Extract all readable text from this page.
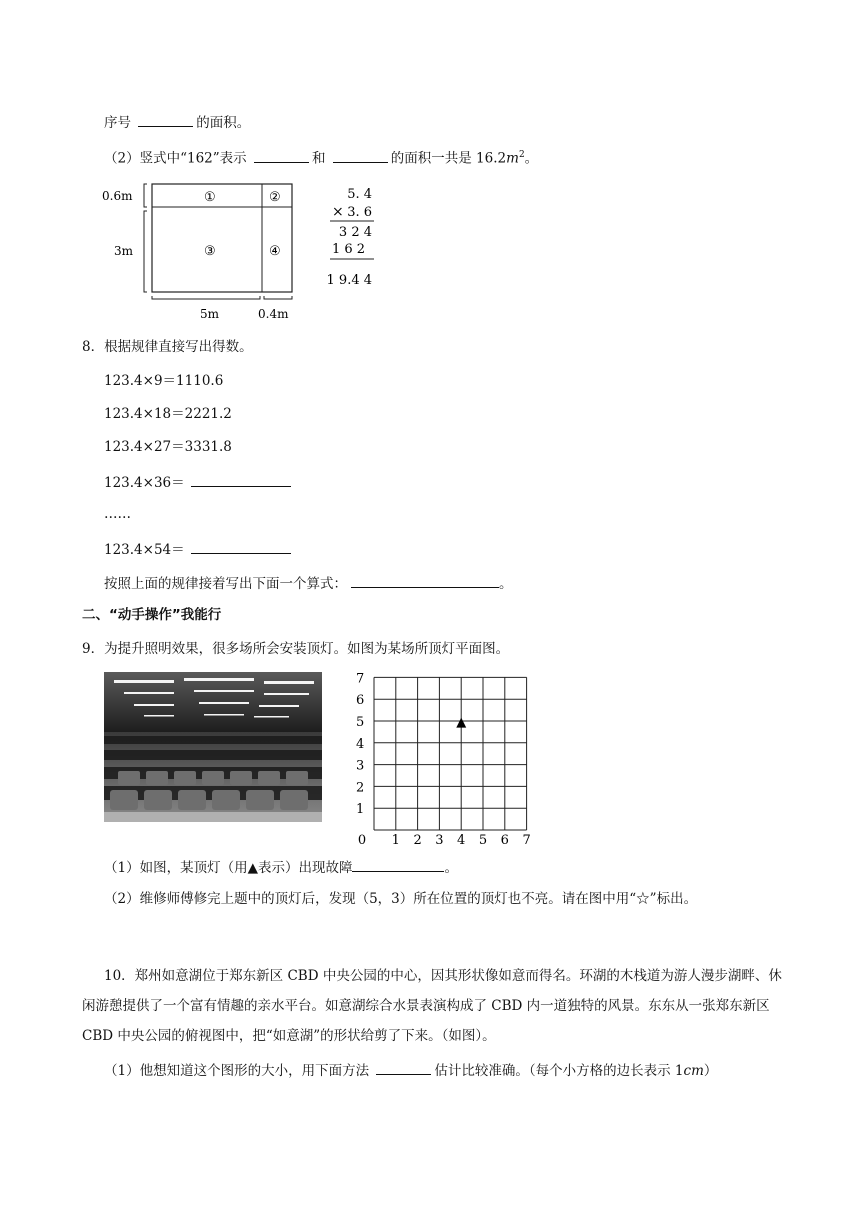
序号	的面积。
（2）竖式中“162”表示	和	的面积一共是 $16.2m^2$。
0.6m
3m
5m	0.4m
①	②
③	④
5. 4
× 3. 6
3 2 4
1 6 2
1 9.4 4
8．根据规律直接写出得数。
123.4×9＝1110.6
123.4×18＝2221.2
123.4×27＝3331.8
123.4×36＝
……
123.4×54＝
按照上面的规律接着写出下面一个算式：	。
二、“动手操作”我能行
9．为提升照明效果，很多场所会安装顶灯。如图为某场所顶灯平面图。
7
6
5
4
3
2
1
0 1 2 3 4 5 6 7
▲
（1）如图，某顶灯（用▲表示）出现故障	。
（2）维修师傅修完上题中的顶灯后，发现（5，3）所在位置的顶灯也不亮。请在图中用“☆”标出。
10．郑州如意湖位于郑东新区 CBD 中央公园的中心，因其形状像如意而得名。环湖的木栈道为游人漫步湖畔、休闲游憩提供了一个富有情趣的亲水平台。如意湖综合水景表演构成了 CBD 内一道独特的风景。东东从一张郑东新区 CBD 中央公园的俯视图中，把“如意湖”的形状给剪了下来。（如图）。
（1）他想知道这个图形的大小，用下面方法	估计比较准确。（每个小方格的边长表示 1cm）
